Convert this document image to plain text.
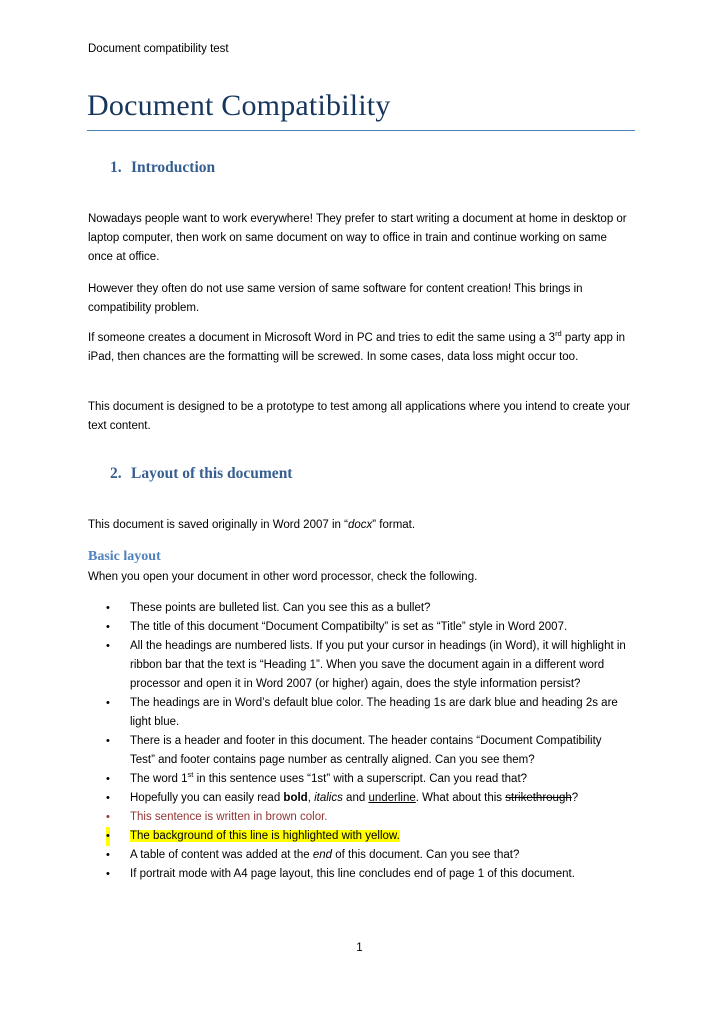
Document compatibility test
Document Compatibility
1. Introduction
Nowadays people want to work everywhere! They prefer to start writing a document at home in desktop or laptop computer, then work on same document on way to office in train and continue working on same once at office.
However they often do not use same version of same software for content creation! This brings in compatibility problem.
If someone creates a document in Microsoft Word in PC and tries to edit the same using a 3rd party app in iPad, then chances are the formatting will be screwed. In some cases, data loss might occur too.
This document is designed to be a prototype to test among all applications where you intend to create your text content.
2. Layout of this document
This document is saved originally in Word 2007 in “docx” format.
Basic layout
When you open your document in other word processor, check the following.
• These points are bulleted list. Can you see this as a bullet?
• The title of this document “Document Compatibilty” is set as “Title” style in Word 2007.
• All the headings are numbered lists. If you put your cursor in headings (in Word), it will highlight in ribbon bar that the text is “Heading 1”. When you save the document again in a different word processor and open it in Word 2007 (or higher) again, does the style information persist?
• The headings are in Word’s default blue color. The heading 1s are dark blue and heading 2s are light blue.
• There is a header and footer in this document. The header contains “Document Compatibility Test” and footer contains page number as centrally aligned. Can you see them?
• The word 1st in this sentence uses “1st” with a superscript. Can you read that?
• Hopefully you can easily read bold, italics and underline. What about this strikethrough?
• This sentence is written in brown color.
• The background of this line is highlighted with yellow.
• A table of content was added at the end of this document. Can you see that?
• If portrait mode with A4 page layout, this line concludes end of page 1 of this document.
1
